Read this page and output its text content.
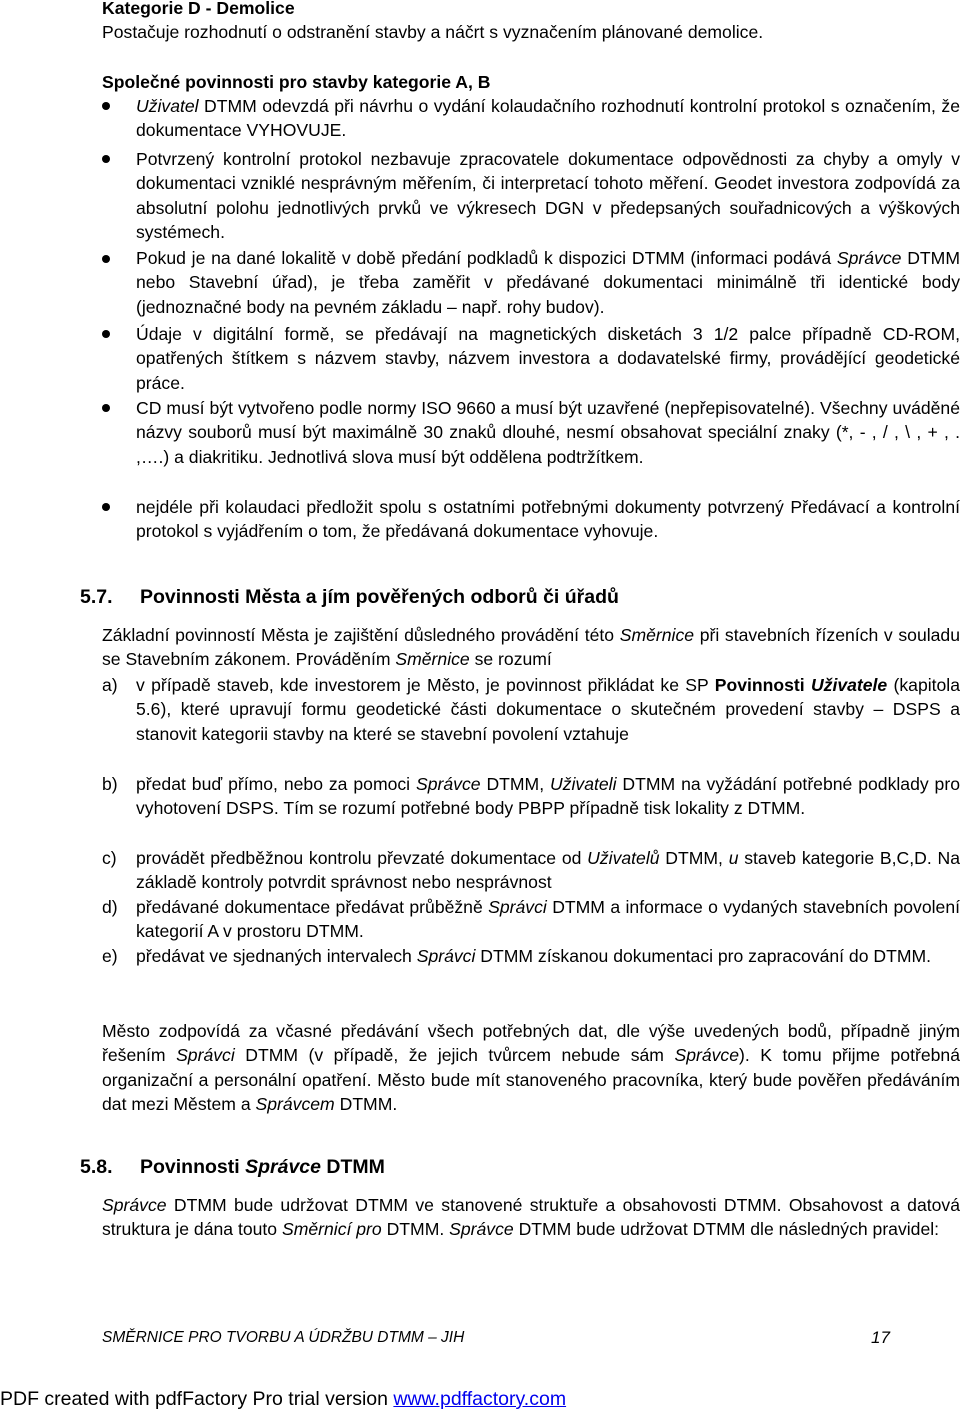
Kategorie D - Demolice
Postačuje rozhodnutí o odstranění stavby a náčrt s vyznačením plánované demolice.
Společné povinnosti pro stavby kategorie A, B
Uživatel DTMM odevzdá při návrhu o vydání kolaudačního rozhodnutí kontrolní protokol s označením, že dokumentace VYHOVUJE.
Potvrzený kontrolní protokol nezbavuje zpracovatele dokumentace odpovědnosti za chyby a omyly v dokumentaci vzniklé nesprávným měřením, či interpretací tohoto měření. Geodet investora zodpovídá za absolutní polohu jednotlivých prvků ve výkresech DGN v předepsaných souřadnicových a výškových systémech.
Pokud je na dané lokalitě v době předání podkladů k dispozici DTMM (informaci podává Správce DTMM nebo Stavební úřad), je třeba zaměřit v předávané dokumentaci minimálně tři identické body (jednoznačné body na pevném základu – např. rohy budov).
Údaje v digitální formě, se předávají na magnetických disketách 3 1/2 palce případně CD-ROM, opatřených štítkem s názvem stavby, názvem investora a dodavatelské firmy, provádějící geodetické práce.
CD musí být vytvořeno podle normy ISO 9660 a musí být uzavřené (nepřepisovatelné). Všechny uváděné názvy souborů musí být maximálně 30 znaků dlouhé, nesmí obsahovat speciální znaky (*, - , / , \ , + , . ,….) a diakritiku. Jednotlivá slova musí být oddělena podtržítkem.
nejdéle při kolaudaci předložit spolu s ostatními potřebnými dokumenty potvrzený Předávací a kontrolní protokol s vyjádřením o tom, že předávaná dokumentace vyhovuje.
5.7. Povinnosti Města a jím pověřených odborů či úřadů
Základní povinností Města je zajištění důsledného provádění této Směrnice při stavebních řízeních v souladu se Stavebním zákonem. Prováděním Směrnice se rozumí
a) v případě staveb, kde investorem je Město, je povinnost přikládat ke SP Povinnosti Uživatele (kapitola 5.6), které upravují formu geodetické části dokumentace o skutečném provedení stavby – DSPS a stanovit kategorii stavby na které se stavební povolení vztahuje
b) předat buď přímo, nebo za pomoci Správce DTMM, Uživateli DTMM na vyžádání potřebné podklady pro vyhotovení DSPS. Tím se rozumí potřebné body PBPP případně tisk lokality z DTMM.
c) provádět předběžnou kontrolu převzaté dokumentace od Uživatelů DTMM, u staveb kategorie B,C,D. Na základě kontroly potvrdit správnost nebo nesprávnost
d) předávané dokumentace předávat průběžně Správci DTMM a informace o vydaných stavebních povolení kategorií A v prostoru DTMM.
e) předávat ve sjednaných intervalech Správci DTMM získanou dokumentaci pro zapracování do DTMM.
Město zodpovídá za včasné předávání všech potřebných dat, dle výše uvedených bodů, případně jiným řešením Správci DTMM (v případě, že jejich tvůrcem nebude sám Správce). K tomu přijme potřebná organizační a personální opatření. Město bude mít stanoveného pracovníka, který bude pověřen předáváním dat mezi Městem a Správcem DTMM.
5.8. Povinnosti Správce DTMM
Správce DTMM bude udržovat DTMM ve stanovené struktuře a obsahovosti DTMM. Obsahovost a datová struktura je dána touto Směrnicí pro DTMM. Správce DTMM bude udržovat DTMM dle následných pravidel:
SMĚRNICE PRO TVORBU A ÚDRŽBU DTMM – JIH	17
PDF created with pdfFactory Pro trial version www.pdffactory.com
